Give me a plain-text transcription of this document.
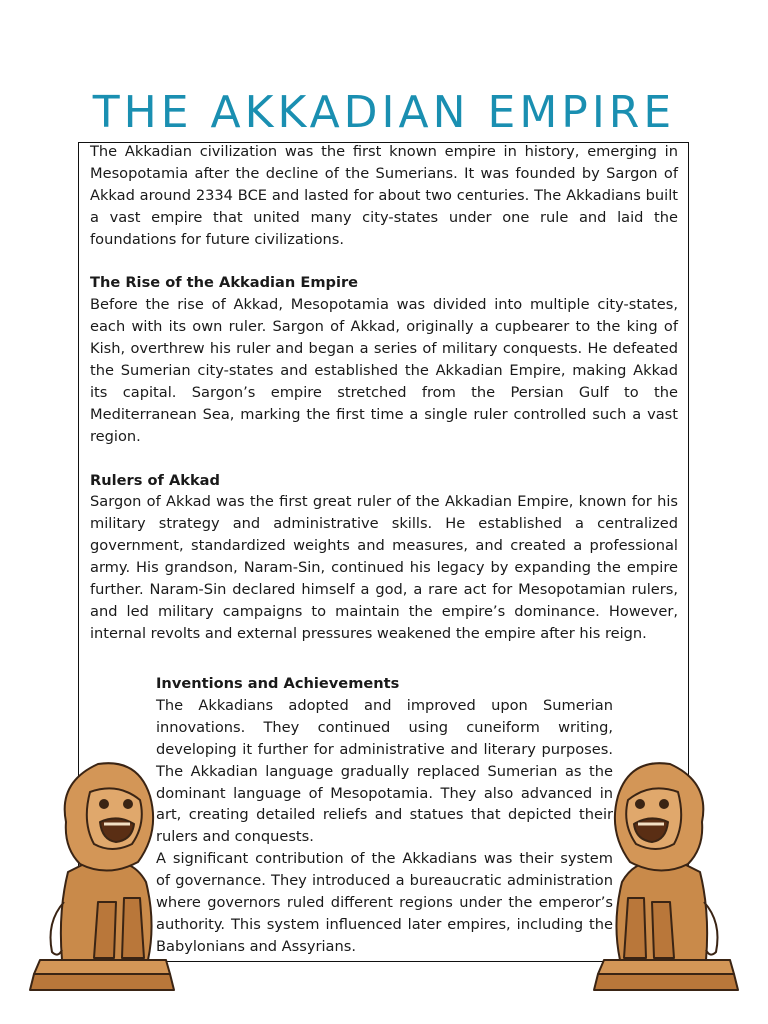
THE AKKADIAN EMPIRE

The Akkadian civilization was the first known empire in history, emerging in Mesopotamia after the decline of the Sumerians. It was founded by Sargon of Akkad around 2334 BCE and lasted for about two centuries. The Akkadians built a vast empire that united many city-states under one rule and laid the foundations for future civilizations.

The Rise of the Akkadian Empire

Before the rise of Akkad, Mesopotamia was divided into multiple city-states, each with its own ruler. Sargon of Akkad, originally a cupbearer to the king of Kish, overthrew his ruler and began a series of military conquests. He defeated the Sumerian city-states and established the Akkadian Empire, making Akkad its capital. Sargon’s empire stretched from the Persian Gulf to the Mediterranean Sea, marking the first time a single ruler controlled such a vast region.

Rulers of Akkad

Sargon of Akkad was the first great ruler of the Akkadian Empire, known for his military strategy and administrative skills. He established a centralized government, standardized weights and measures, and created a professional army. His grandson, Naram-Sin, continued his legacy by expanding the empire further. Naram-Sin declared himself a god, a rare act for Mesopotamian rulers, and led military campaigns to maintain the empire’s dominance. However, internal revolts and external pressures weakened the empire after his reign.

Inventions and Achievements

The Akkadians adopted and improved upon Sumerian innovations. They continued using cuneiform writing, developing it further for administrative and literary purposes. The Akkadian language gradually replaced Sumerian as the dominant language of Mesopotamia. They also advanced in art, creating detailed reliefs and statues that depicted their rulers and conquests.

A significant contribution of the Akkadians was their system of governance. They introduced a bureaucratic administration where governors ruled different regions under the emperor’s authority. This system influenced later empires, including the Babylonians and Assyrians.
